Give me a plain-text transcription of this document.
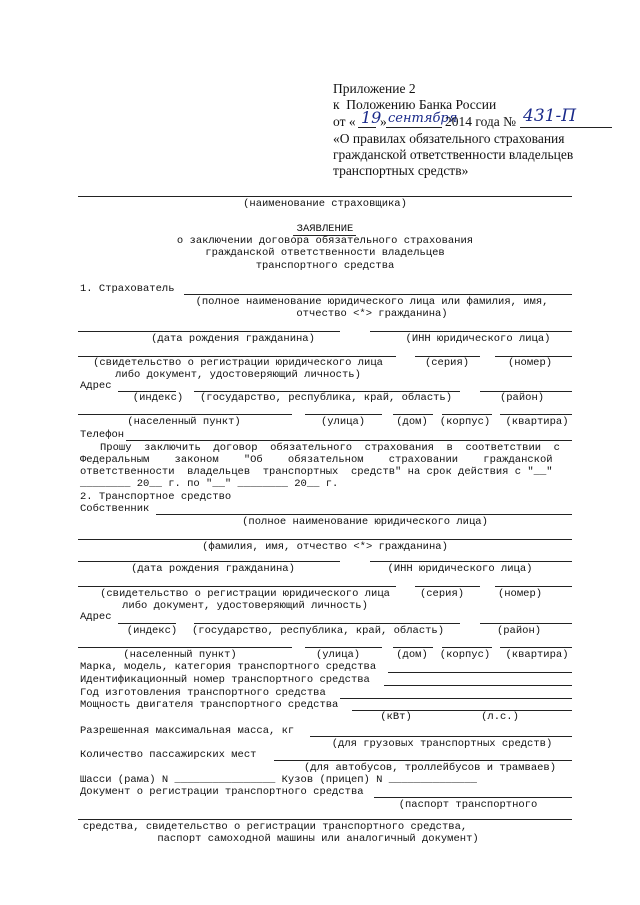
Приложение 2
к  Положению Банка России
от « 19
» сентября
2014 года № 431-П
«О правилах обязательного страхования
гражданской ответственности владельцев
транспортных средств»
(наименование страховщика)
ЗАЯВЛЕНИЕ
о заключении договора обязательного страхования
гражданской ответственности владельцев
транспортного средства
1. Страхователь
(полное наименование юридического лица или фамилия, имя,
отчество <*> гражданина)
(дата рождения гражданина)	(ИНН юридического лица)
(свидетельство о регистрации юридического лица	(серия)	(номер)
либо документ, удостоверяющий личность)
Адрес
(индекс) (государство, республика, край, область)	(район)
(населенный пункт)	(улица)	(дом) (корпус) (квартира)
Телефон
Прошу  заключить  договор  обязательного  страхования  в  соответствии  с
Федеральным    законом    "Об    обязательном    страховании    гражданской
ответственности  владельцев  транспортных  средств" на срок действия с "__"
________ 20__ г. по "__" ________ 20__ г.
2. Транспортное средство
Собственник
(полное наименование юридического лица)
(фамилия, имя, отчество <*> гражданина)
(дата рождения гражданина)	(ИНН юридического лица)
(свидетельство о регистрации юридического лица	(серия)	(номер)
либо документ, удостоверяющий личность)
Адрес
(индекс) (государство, республика, край, область)	(район)
(населенный пункт)	(улица)	(дом) (корпус) (квартира)
Марка, модель, категория транспортного средства
Идентификационный номер транспортного средства
Год изготовления транспортного средства
Мощность двигателя транспортного средства
(кВт)	(л.с.)
Разрешенная максимальная масса, кг
(для грузовых транспортных средств)
Количество пассажирских мест
(для автобусов, троллейбусов и трамваев)
Шасси (рама) N ________________ Кузов (прицеп) N ______________
Документ о регистрации транспортного средства
(паспорт транспортного
средства, свидетельство о регистрации транспортного средства,
паспорт самоходной машины или аналогичный документ)
